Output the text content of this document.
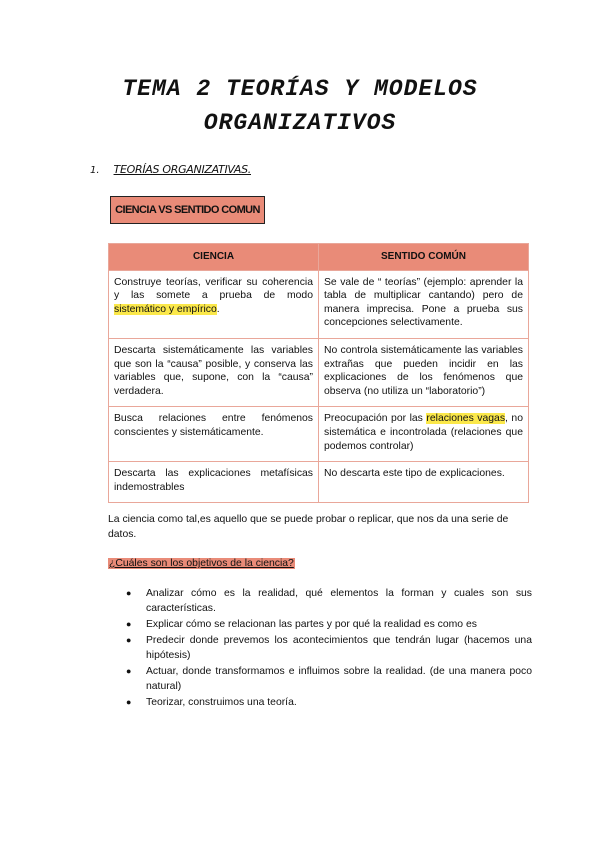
TEMA 2 TEORÍAS Y MODELOS
ORGANIZATIVOS
1. TEORÍAS ORGANIZATIVAS.
CIENCIA VS SENTIDO COMUN
CIENCIA	SENTIDO COMÚN
Construye teorías, verificar su coherencia y las somete a prueba de modo sistemático y empírico.	Se vale de “ teorías” (ejemplo: aprender la tabla de multiplicar cantando) pero de manera imprecisa. Pone a prueba sus concepciones selectivamente.
Descarta sistemáticamente las variables que son la “causa” posible, y conserva las variables que, supone, con la “causa” verdadera.	No controla sistemáticamente las variables extrañas que pueden incidir en las explicaciones de los fenómenos que observa (no utiliza un “laboratorio”)
Busca relaciones entre fenómenos conscientes y sistemáticamente.	Preocupación por las relaciones vagas, no sistemática e incontrolada (relaciones que podemos controlar)
Descarta las explicaciones metafísicas indemostrables	No descarta este tipo de explicaciones.
La ciencia como tal,es aquello que se puede probar o replicar, que nos da una serie de datos.
¿Cuáles son los objetivos de la ciencia?
● Analizar cómo es la realidad, qué elementos la forman y cuales son sus características.
● Explicar cómo se relacionan las partes y por qué la realidad es como es
● Predecir donde prevemos los acontecimientos que tendrán lugar (hacemos una hipótesis)
● Actuar, donde transformamos e influimos sobre la realidad. (de una manera poco natural)
● Teorizar, construimos una teoría.
